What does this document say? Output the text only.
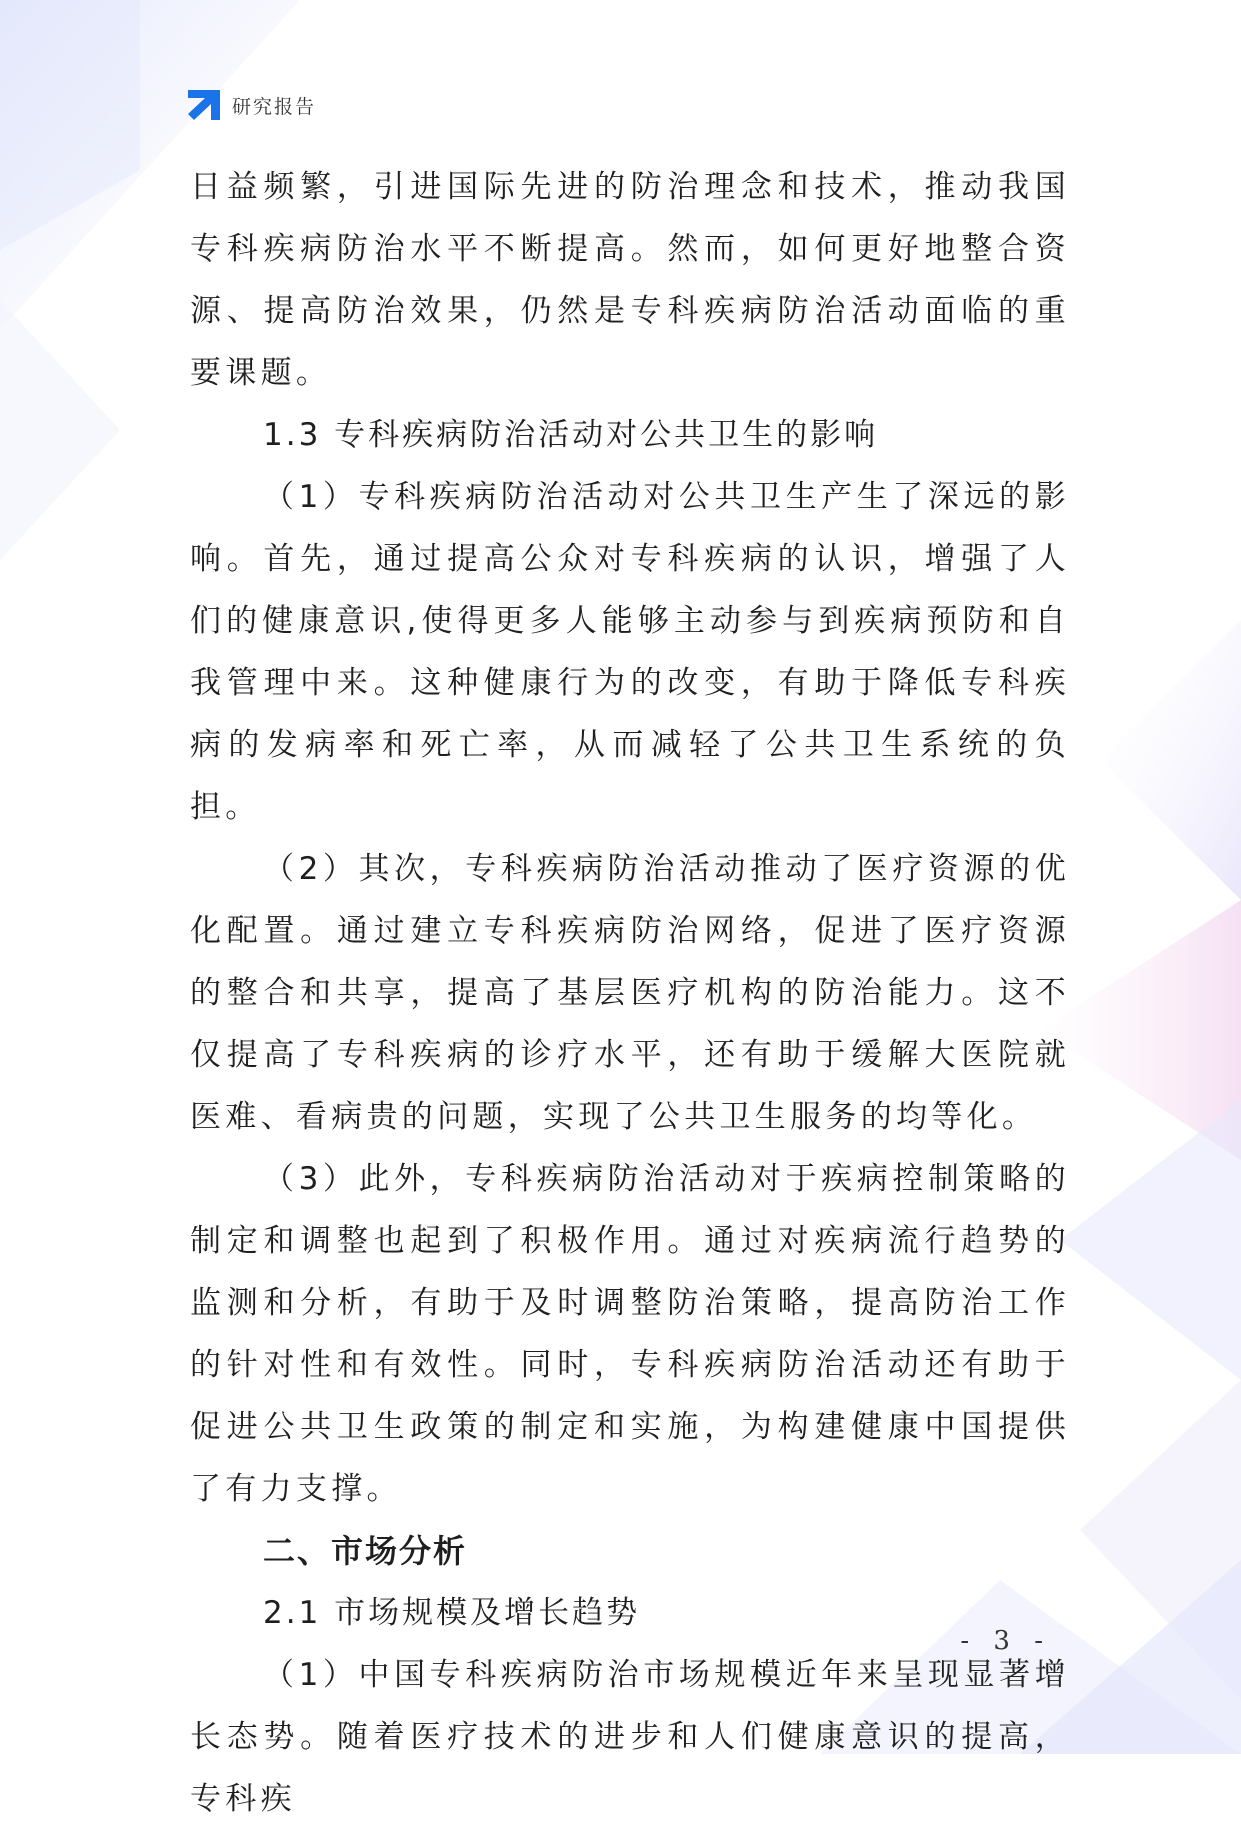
研究报告

日益频繁，引进国际先进的防治理念和技术，推动我国专科疾病防治水平不断提高。然而，如何更好地整合资源、提高防治效果，仍然是专科疾病防治活动面临的重要课题。

1.3 专科疾病防治活动对公共卫生的影响

（1）专科疾病防治活动对公共卫生产生了深远的影响。首先，通过提高公众对专科疾病的认识，增强了人们的健康意识,使得更多人能够主动参与到疾病预防和自我管理中来。这种健康行为的改变，有助于降低专科疾病的发病率和死亡率，从而减轻了公共卫生系统的负担。

（2）其次，专科疾病防治活动推动了医疗资源的优化配置。通过建立专科疾病防治网络，促进了医疗资源的整合和共享，提高了基层医疗机构的防治能力。这不仅提高了专科疾病的诊疗水平，还有助于缓解大医院就医难、看病贵的问题，实现了公共卫生服务的均等化。

（3）此外，专科疾病防治活动对于疾病控制策略的制定和调整也起到了积极作用。通过对疾病流行趋势的监测和分析，有助于及时调整防治策略，提高防治工作的针对性和有效性。同时，专科疾病防治活动还有助于促进公共卫生政策的制定和实施，为构建健康中国提供了有力支撑。

二、市场分析

2.1 市场规模及增长趋势

（1）中国专科疾病防治市场规模近年来呈现显著增长态势。随着医疗技术的进步和人们健康意识的提高，专科疾

- 3 -
